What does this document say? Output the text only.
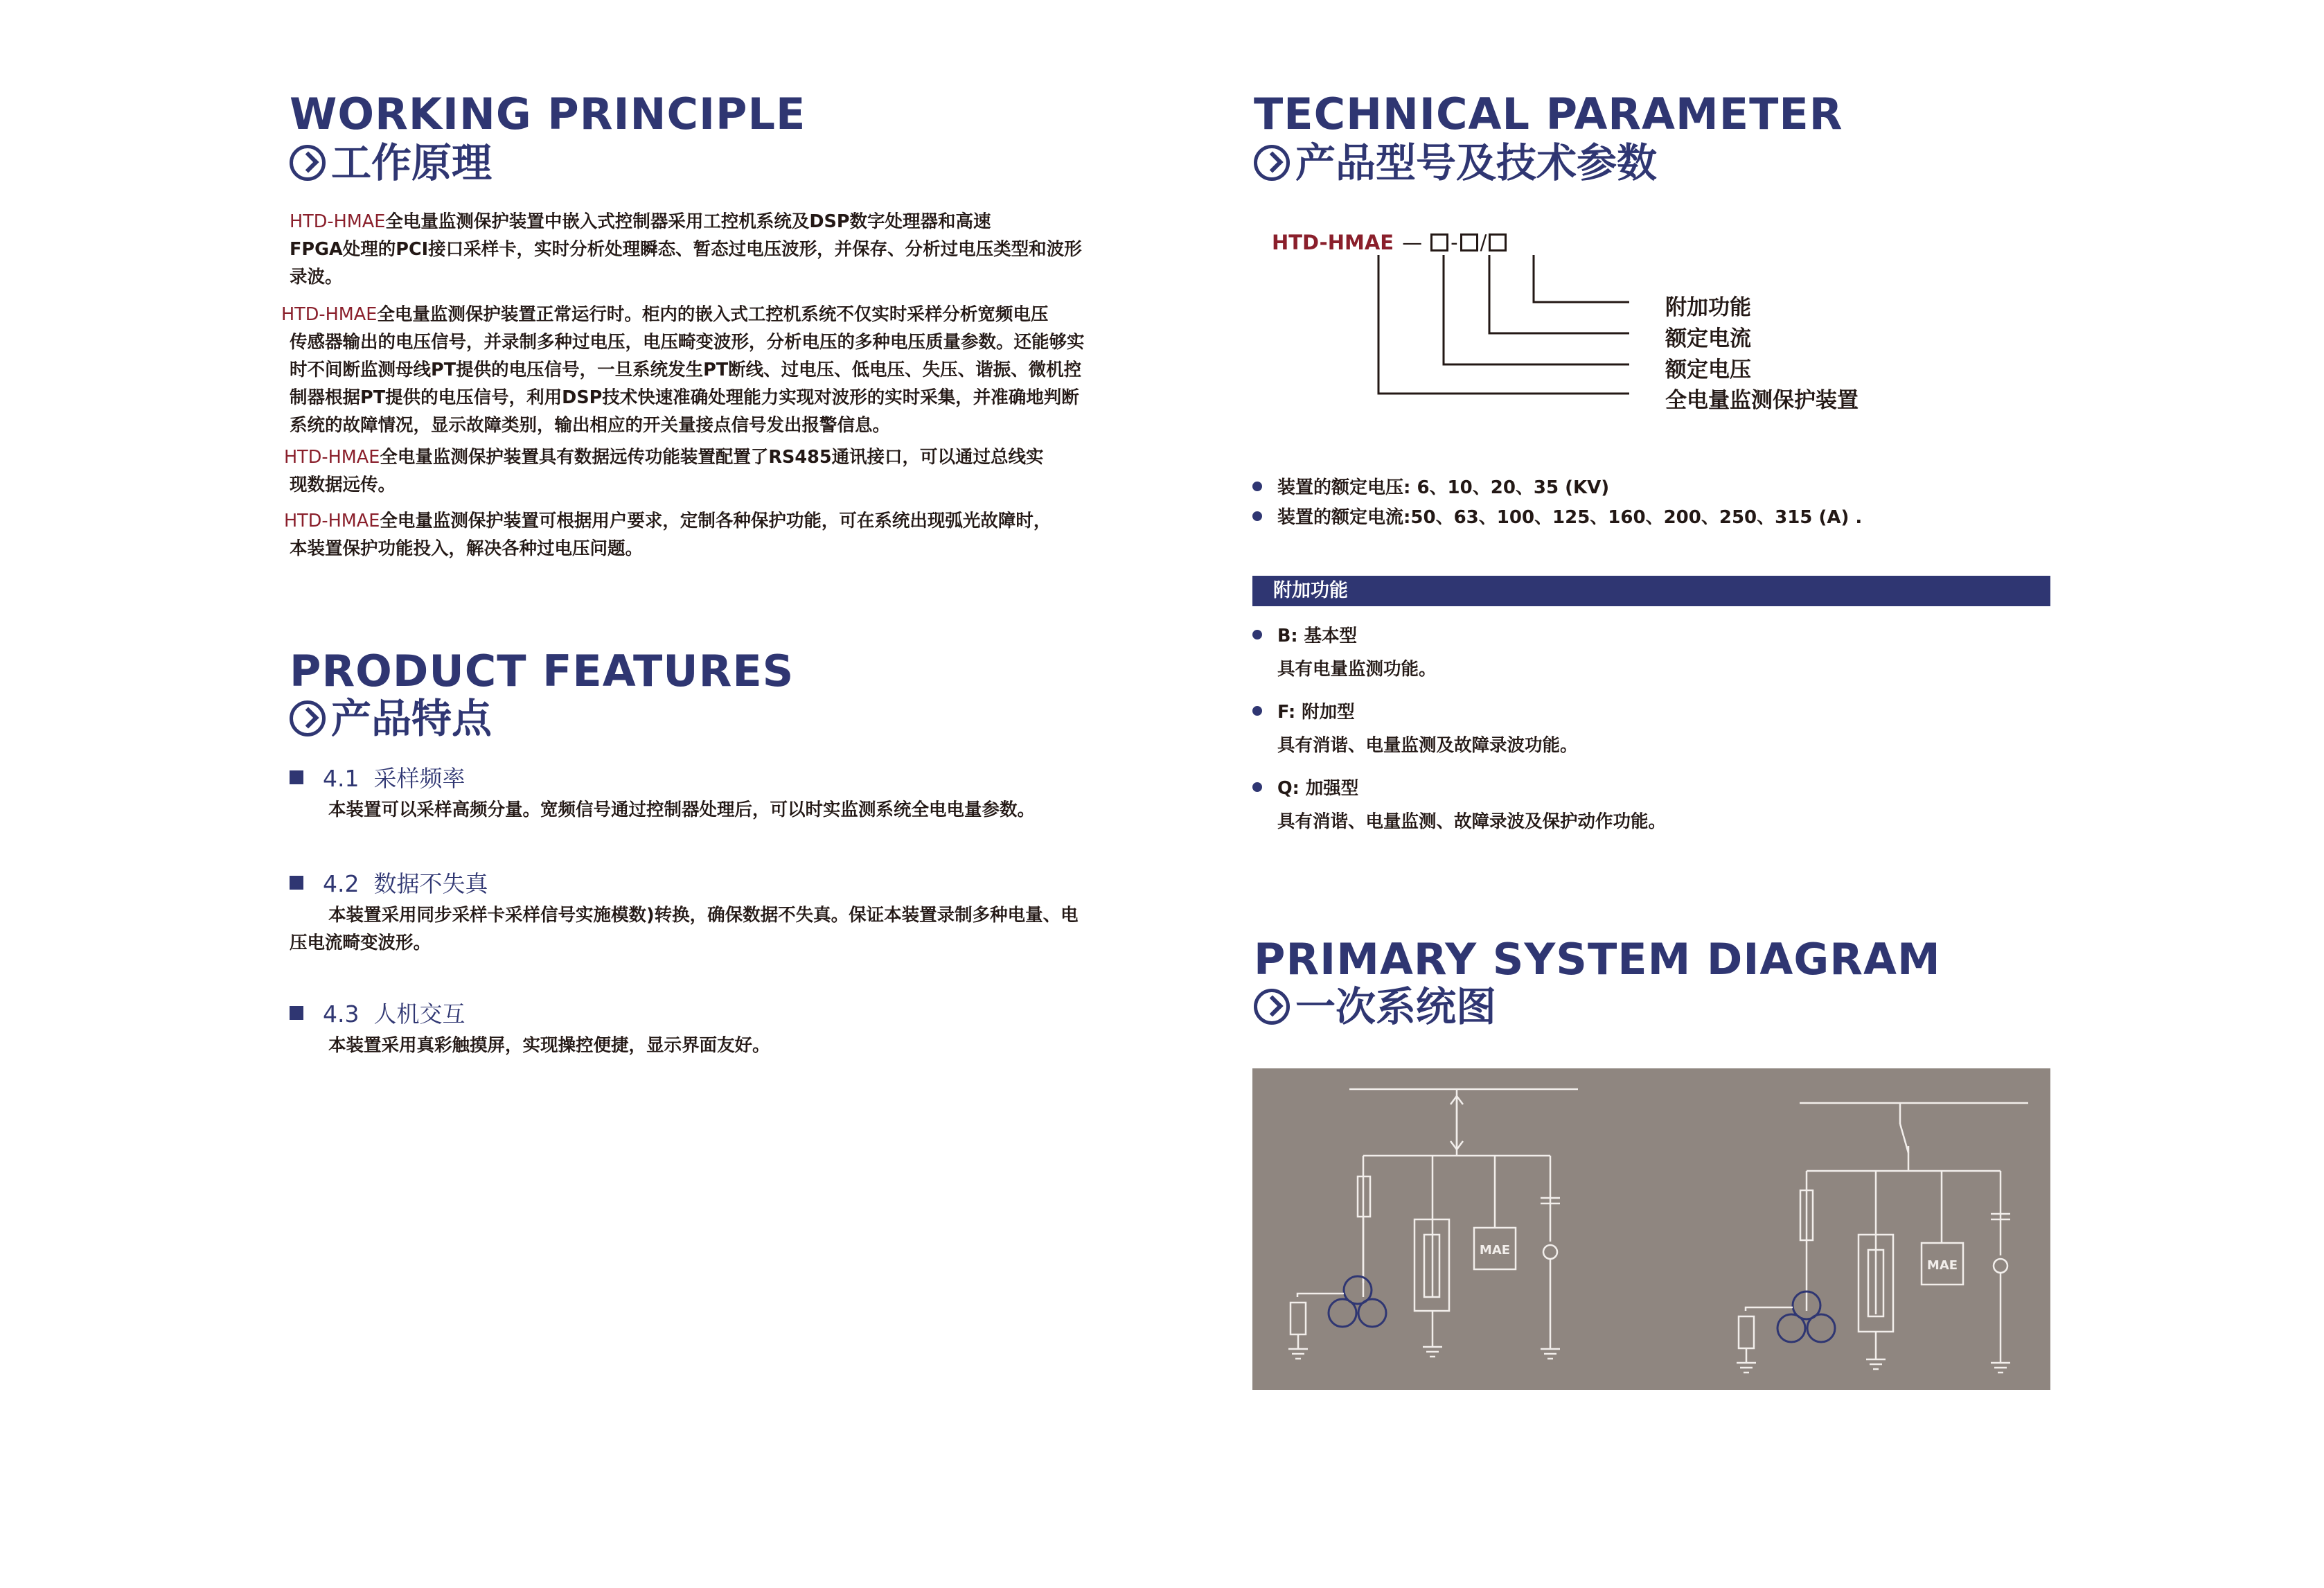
WORKING PRINCIPLE
工作原理
HTD-HMAE全电量监测保护装置中嵌入式控制器采用工控机系统及DSP数字处理器和高速
FPGA处理的PCI接口采样卡，实时分析处理瞬态、暂态过电压波形，并保存、分析过电压类型和波形录波。
HTD-HMAE全电量监测保护装置正常运行时。柜内的嵌入式工控机系统不仅实时采样分析宽频电压
传感器输出的电压信号，并录制多种过电压，电压畸变波形，分析电压的多种电压质量参数。还能够实时不间断监测母线PT提供的电压信号，一旦系统发生PT断线、过电压、低电压、失压、谐振、微机控制器根据PT提供的电压信号，利用DSP技术快速准确处理能力实现对波形的实时采集，并准确地判断系统的故障情况，显示故障类别，输出相应的开关量接点信号发出报警信息。
HTD-HMAE全电量监测保护装置具有数据远传功能装置配置了RS485通讯接口，可以通过总线实
现数据远传。
HTD-HMAE全电量监测保护装置可根据用户要求，定制各种保护功能，可在系统出现弧光故障时，
本装置保护功能投入，解决各种过电压问题。
PRODUCT FEATURES
产品特点
4.1 采样频率
本装置可以采样高频分量。宽频信号通过控制器处理后，可以时实监测系统全电电量参数。
4.2 数据不失真
本装置采用同步采样卡采样信号实施模数)转换，确保数据不失真。保证本装置录制多种电量、电压电流畸变波形。
4.3 人机交互
本装置采用真彩触摸屏，实现操控便捷，显示界面友好。
TECHNICAL PARAMETER
产品型号及技术参数
HTD-HMAE — - /
附加功能
额定电流
额定电压
全电量监测保护装置
装置的额定电压: 6、10、20、35 (KV)
装置的额定电流:50、63、100、125、160、200、250、315 (A) .
附加功能
B: 基本型
具有电量监测功能。
F: 附加型
具有消谐、电量监测及故障录波功能。
Q: 加强型
具有消谐、电量监测、故障录波及保护动作功能。
PRIMARY SYSTEM DIAGRAM
一次系统图
MAE
MAE
